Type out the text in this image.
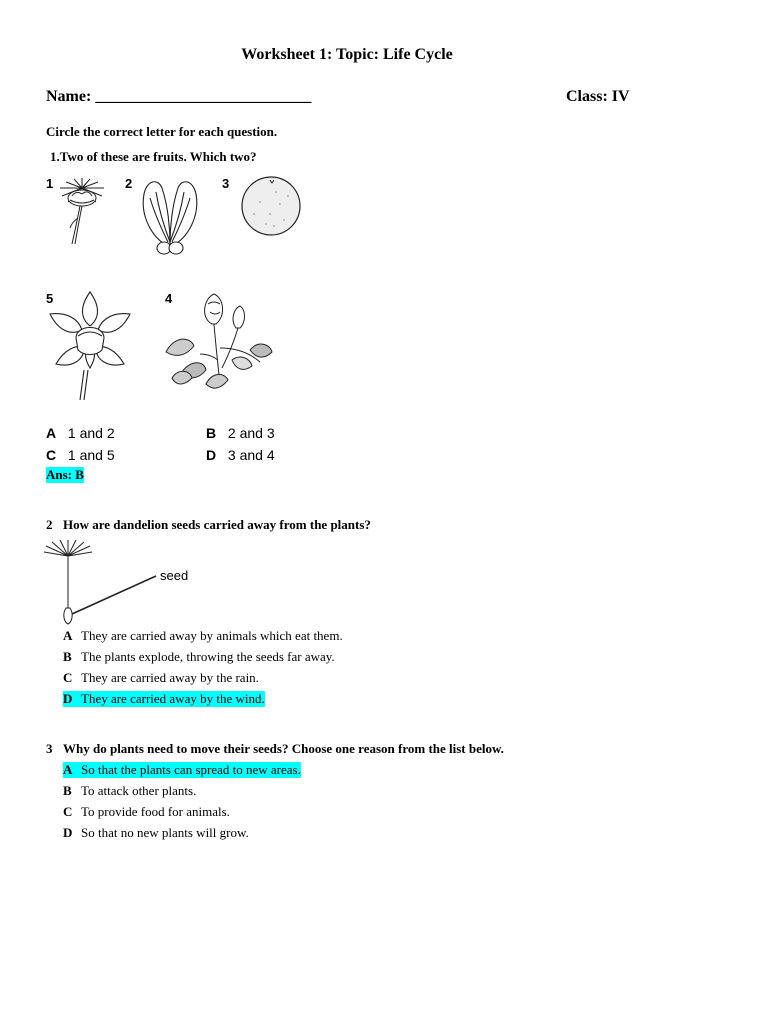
Worksheet 1: Topic: Life Cycle
Name: ___________________________	Class: IV
Circle the correct letter for each question.
1.Two of these are fruits. Which two?
1	2	3
5	4
A 1 and 2	B 2 and 3
C 1 and 5	D 3 and 4
Ans: B
2 How are dandelion seeds carried away from the plants?
seed
A They are carried away by animals which eat them.
B The plants explode, throwing the seeds far away.
C They are carried away by the rain.
D They are carried away by the wind.
3 Why do plants need to move their seeds? Choose one reason from the list below.
A So that the plants can spread to new areas.
B To attack other plants.
C To provide food for animals.
D So that no new plants will grow.
